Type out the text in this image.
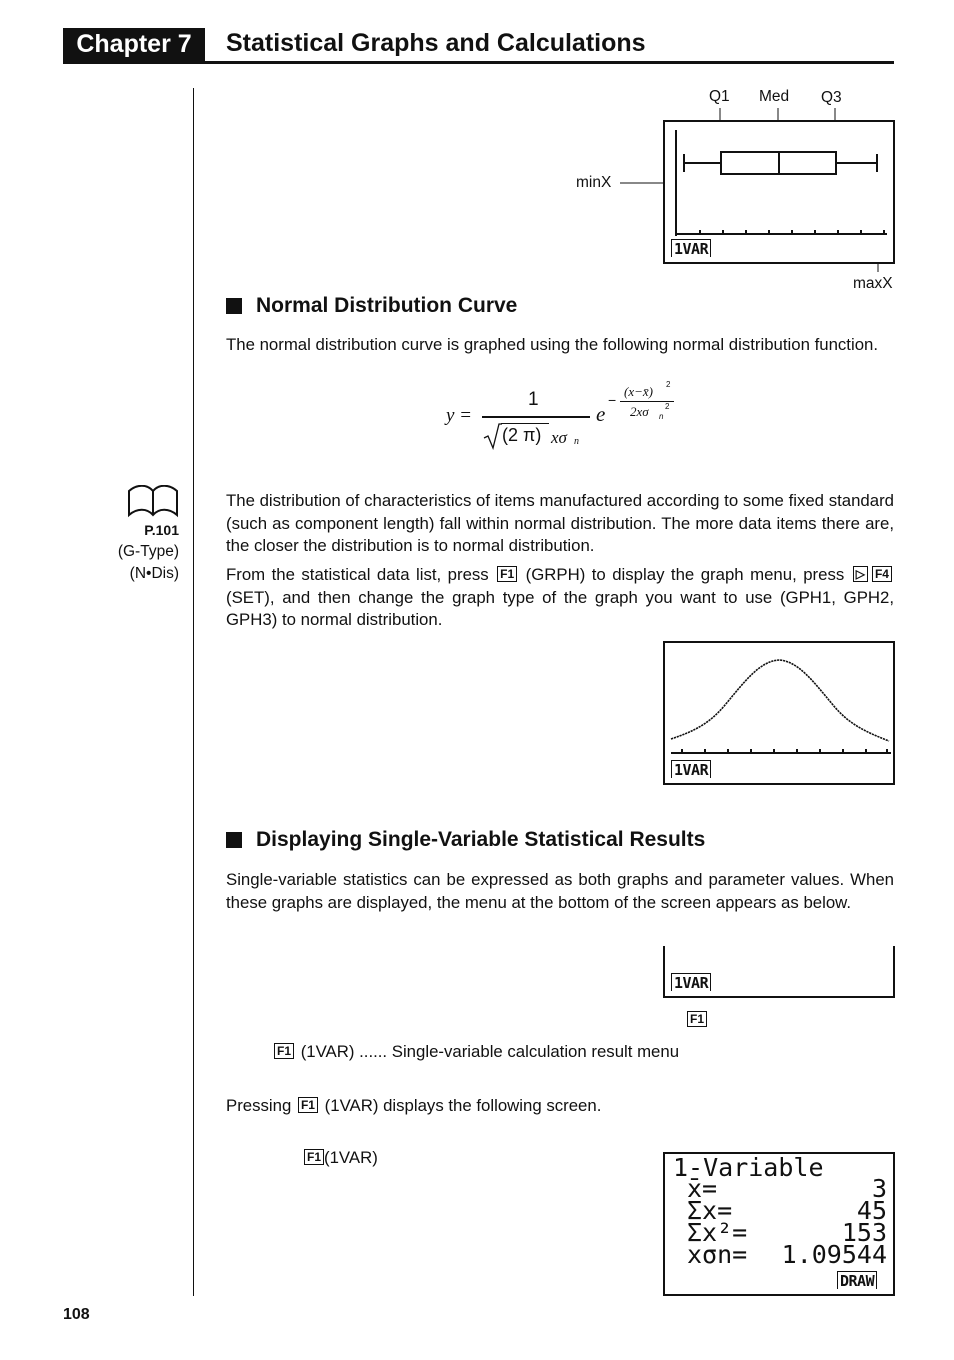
Chapter 7	Statistical Graphs and Calculations
Q1 Med Q3
minX
maxX
1VAR
Normal Distribution Curve
The normal distribution curve is graphed using the following normal distribution function.
y =
1
(2 π) xσ n
e
−
(x−x̄) 2
2xσ n
2
P.101
(G-Type)
(N•Dis)
The distribution of characteristics of items manufactured according to some fixed standard (such as component length) fall within normal distribution. The more data items there are, the closer the distribution is to normal distribution.
From the statistical data list, press F1 (GRPH) to display the graph menu, press ▷ F4 (SET), and then change the graph type of the graph you want to use (GPH1, GPH2, GPH3) to normal distribution.
1VAR
Displaying Single-Variable Statistical Results
Single-variable statistics can be expressed as both graphs and parameter values. When these graphs are displayed, the menu at the bottom of the screen appears as below.
1VAR
F1
F1 (1VAR) ...... Single-variable calculation result menu
Pressing F1 (1VAR) displays the following screen.
F1 (1VAR)	1-Variable
x̄=	3
Σx=	45
Σx²=	153
xσn= 1.09544
DRAW
108
